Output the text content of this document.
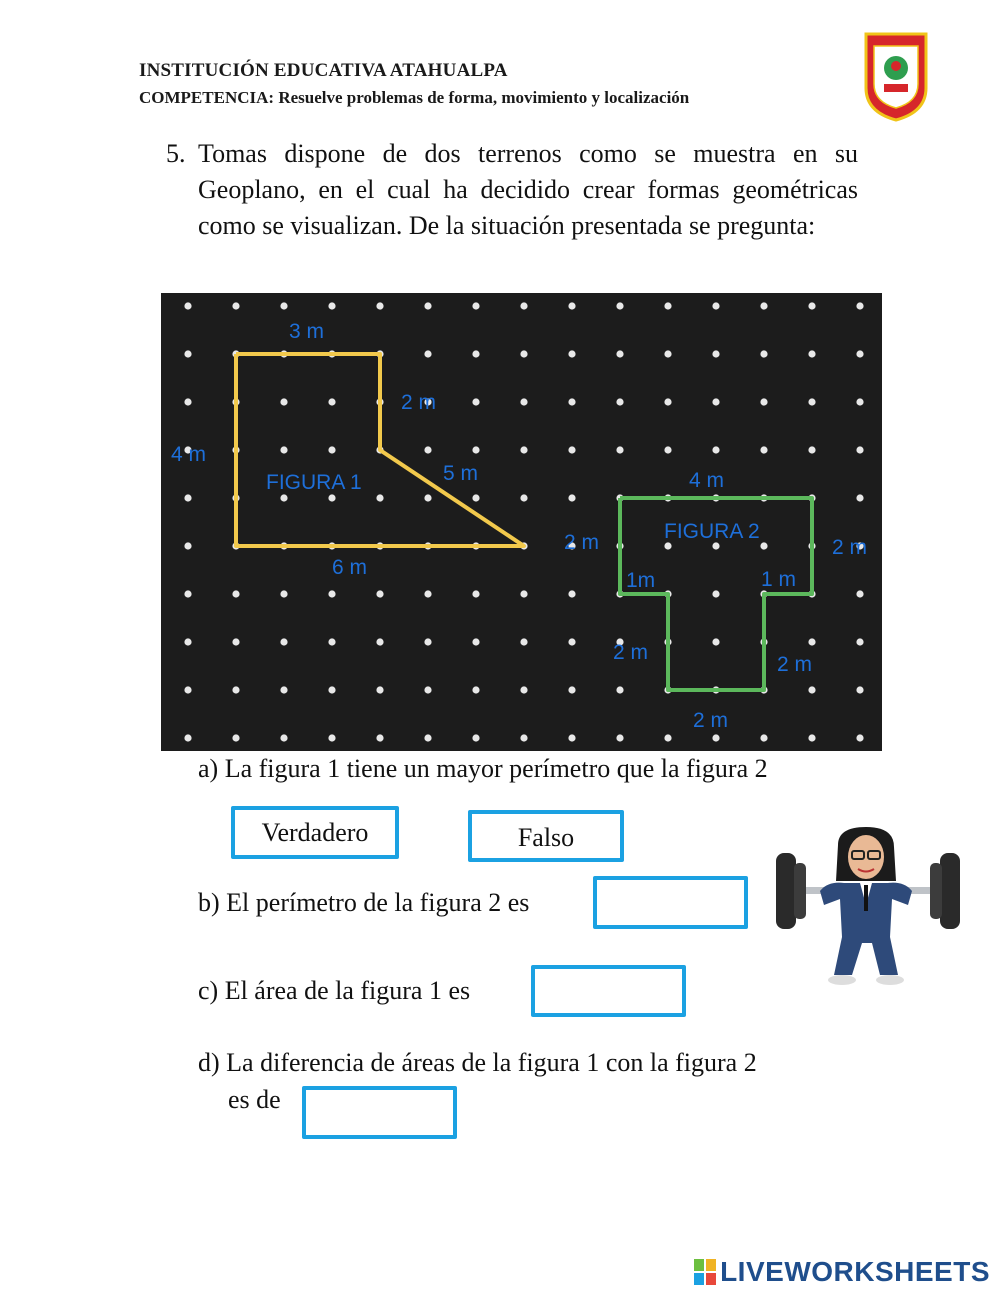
INSTITUCIÓN EDUCATIVA ATAHUALPA
COMPETENCIA: Resuelve problemas de forma, movimiento y localización
5. Tomas dispone de dos terrenos como se muestra en su Geoplano, en el cual ha decidido crear formas geométricas como se visualizan. De la situación presentada se pregunta:
3 m
2 m
4 m
FIGURA 1	5 m
6 m
4 m
FIGURA 2
2 m	2 m
1m	1 m
2 m
2 m
2 m
a) La figura 1 tiene un mayor perímetro que la figura 2
Verdadero	Falso
b) El perímetro de la figura 2 es
c) El área de la figura 1 es
d) La diferencia de áreas de la figura 1 con la figura 2
es de
LIVEWORKSHEETS
